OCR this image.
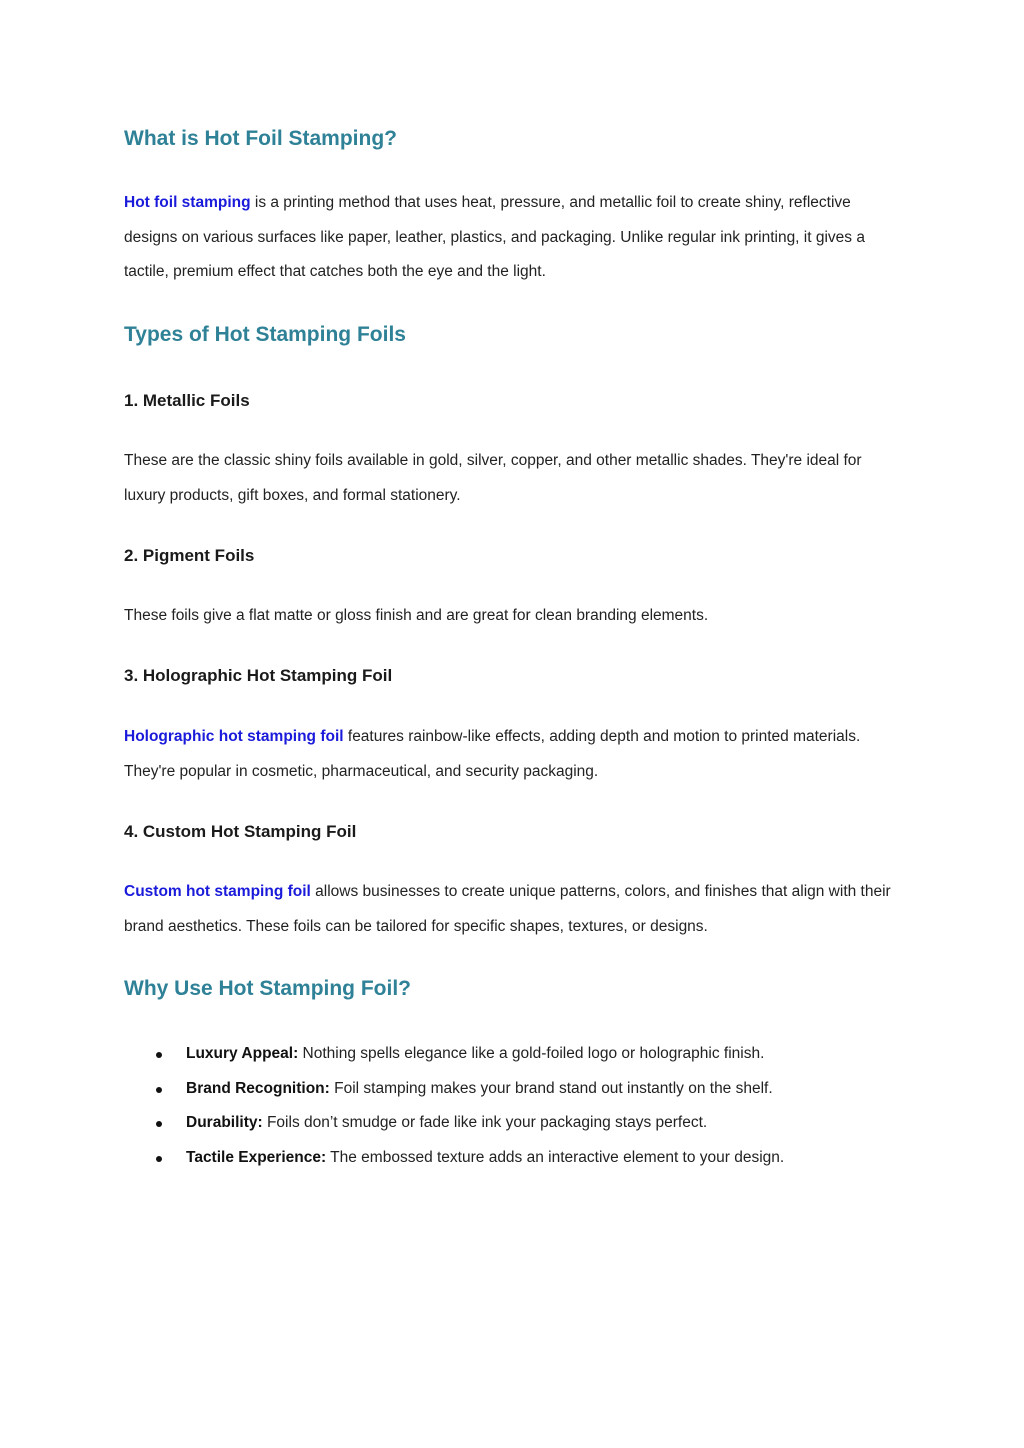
What is Hot Foil Stamping?

Hot foil stamping is a printing method that uses heat, pressure, and metallic foil to create shiny, reflective designs on various surfaces like paper, leather, plastics, and packaging. Unlike regular ink printing, it gives a tactile, premium effect that catches both the eye and the light.

Types of Hot Stamping Foils
1. Metallic Foils

These are the classic shiny foils available in gold, silver, copper, and other metallic shades. They're ideal for luxury products, gift boxes, and formal stationery.

2. Pigment Foils

These foils give a flat matte or gloss finish and are great for clean branding elements.

3. Holographic Hot Stamping Foil

Holographic hot stamping foil features rainbow-like effects, adding depth and motion to printed materials. They're popular in cosmetic, pharmaceutical, and security packaging.

4. Custom Hot Stamping Foil

Custom hot stamping foil allows businesses to create unique patterns, colors, and finishes that align with their brand aesthetics. These foils can be tailored for specific shapes, textures, or designs.

Why Use Hot Stamping Foil?
Luxury Appeal: Nothing spells elegance like a gold-foiled logo or holographic finish.
Brand Recognition: Foil stamping makes your brand stand out instantly on the shelf.
Durability: Foils don’t smudge or fade like ink your packaging stays perfect.
Tactile Experience: The embossed texture adds an interactive element to your design.
